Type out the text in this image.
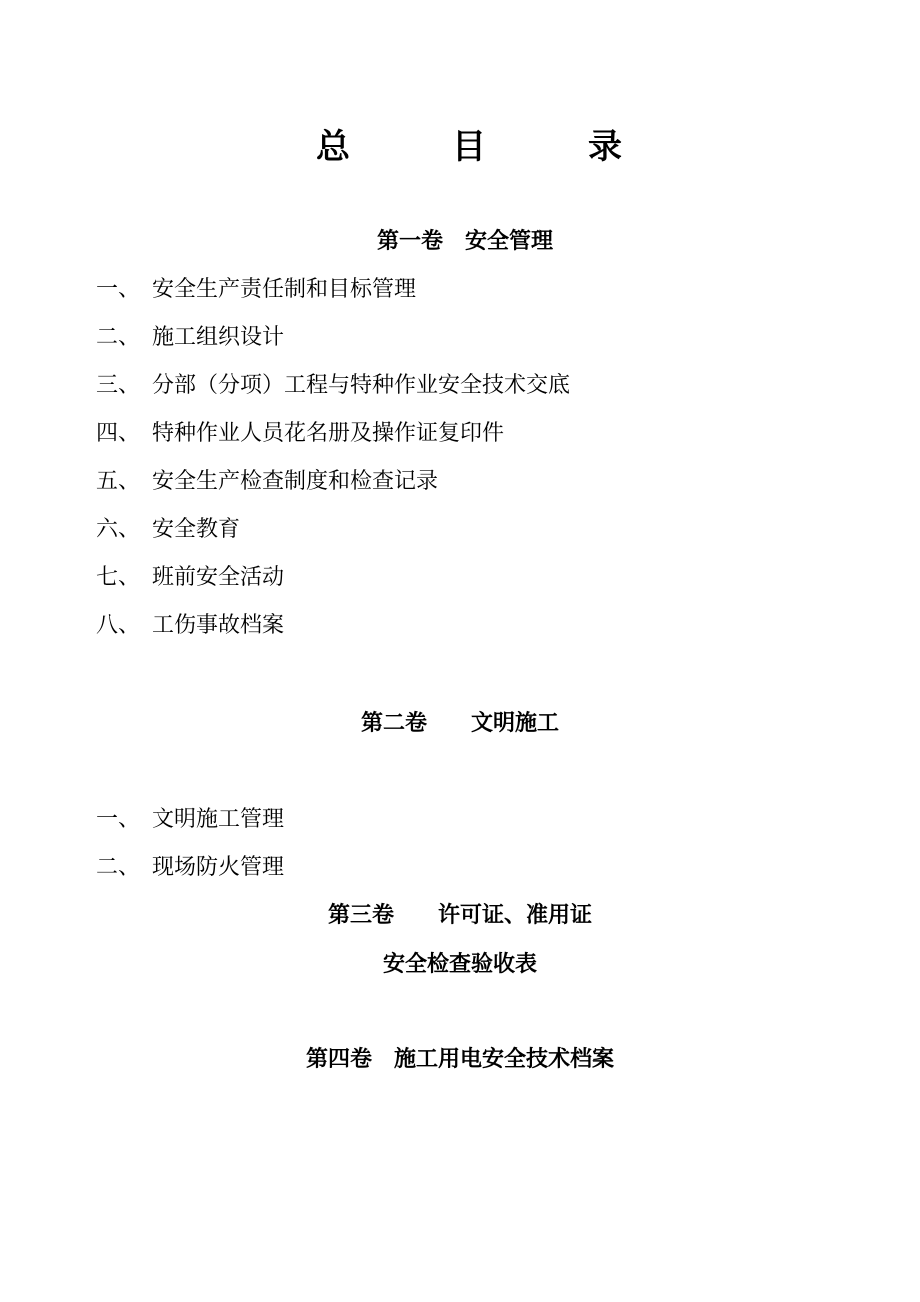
总	目	录
第一卷　安全管理
一、 安全生产责任制和目标管理
二、 施工组织设计
三、 分部（分项）工程与特种作业安全技术交底
四、 特种作业人员花名册及操作证复印件
五、 安全生产检查制度和检查记录
六、 安全教育
七、 班前安全活动
八、 工伤事故档案
第二卷　　文明施工
一、 文明施工管理
二、 现场防火管理
第三卷　　许可证、准用证
安全检查验收表
第四卷　施工用电安全技术档案
